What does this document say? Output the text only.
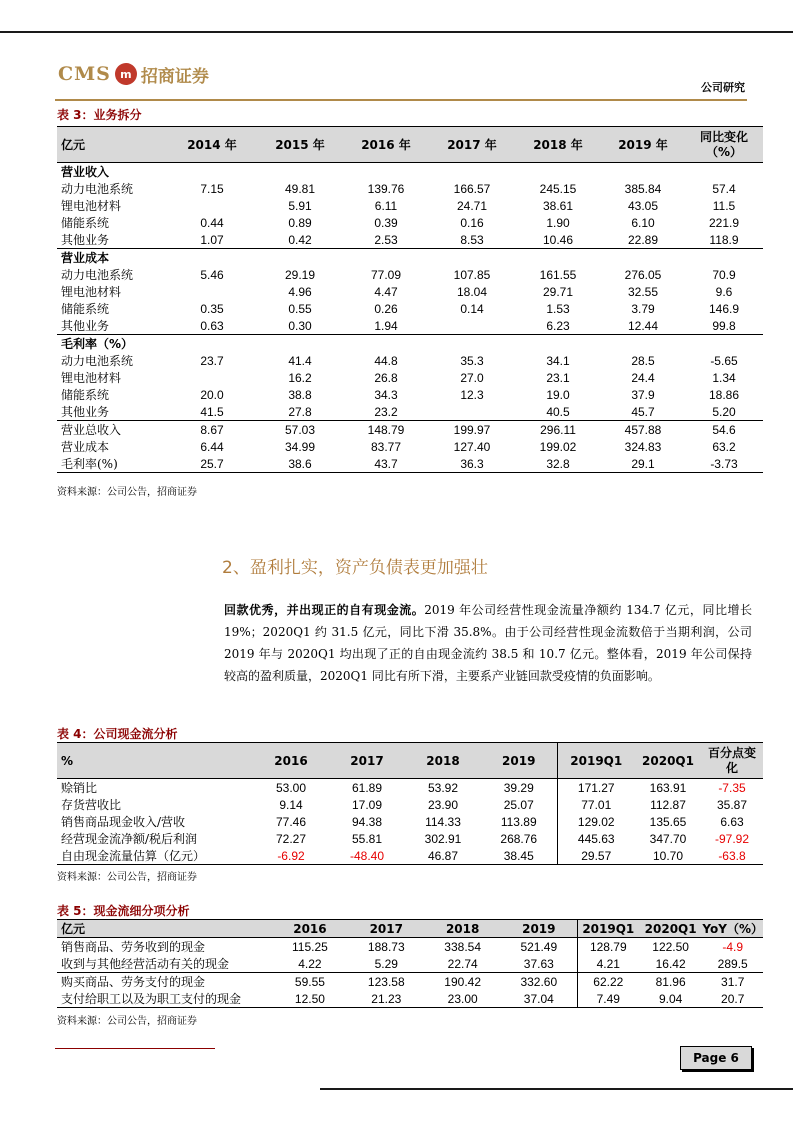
CMS m 招商证券
公司研究
表 3：业务拆分
亿元	2014 年	2015 年	2016 年	2017 年	2018 年	2019 年	同比变化
（%）
营业收入							
动力电池系统	7.15	49.81	139.76	166.57	245.15	385.84	57.4
锂电池材料		5.91	6.11	24.71	38.61	43.05	11.5
储能系统	0.44	0.89	0.39	0.16	1.90	6.10	221.9
其他业务	1.07	0.42	2.53	8.53	10.46	22.89	118.9
营业成本							
动力电池系统	5.46	29.19	77.09	107.85	161.55	276.05	70.9
锂电池材料		4.96	4.47	18.04	29.71	32.55	9.6
储能系统	0.35	0.55	0.26	0.14	1.53	3.79	146.9
其他业务	0.63	0.30	1.94		6.23	12.44	99.8
毛利率（%）							
动力电池系统	23.7	41.4	44.8	35.3	34.1	28.5	-5.65
锂电池材料		16.2	26.8	27.0	23.1	24.4	1.34
储能系统	20.0	38.8	34.3	12.3	19.0	37.9	18.86
其他业务	41.5	27.8	23.2		40.5	45.7	5.20
营业总收入	8.67	57.03	148.79	199.97	296.11	457.88	54.6
营业成本	6.44	34.99	83.77	127.40	199.02	324.83	63.2
毛利率(%)	25.7	38.6	43.7	36.3	32.8	29.1	-3.73
资料来源：公司公告，招商证券
2、盈利扎实，资产负债表更加强壮
回款优秀，并出现正的自有现金流。2019 年公司经营性现金流量净额约 134.7 亿元，同比增长 19%；2020Q1 约 31.5 亿元，同比下滑 35.8%。由于公司经营性现金流数倍于当期利润，公司 2019 年与 2020Q1 均出现了正的自由现金流约 38.5 和 10.7 亿元。整体看，2019 年公司保持较高的盈利质量，2020Q1 同比有所下滑，主要系产业链回款受疫情的负面影响。
表 4：公司现金流分析
%	2016	2017	2018	2019	2019Q1	2020Q1	百分点变
化
赊销比	53.00	61.89	53.92	39.29	171.27	163.91	-7.35
存货营收比	9.14	17.09	23.90	25.07	77.01	112.87	35.87
销售商品现金收入/营收	77.46	94.38	114.33	113.89	129.02	135.65	6.63
经营现金流净额/税后利润	72.27	55.81	302.91	268.76	445.63	347.70	-97.92
自由现金流量估算（亿元）	-6.92	-48.40	46.87	38.45	29.57	10.70	-63.8
资料来源：公司公告，招商证券
表 5：现金流细分项分析
亿元	2016	2017	2018	2019	2019Q1	2020Q1	YoY（%）
销售商品、劳务收到的现金	115.25	188.73	338.54	521.49	128.79	122.50	-4.9
收到与其他经营活动有关的现金	4.22	5.29	22.74	37.63	4.21	16.42	289.5
购买商品、劳务支付的现金	59.55	123.58	190.42	332.60	62.22	81.96	31.7
支付给职工以及为职工支付的现金	12.50	21.23	23.00	37.04	7.49	9.04	20.7
资料来源：公司公告，招商证券
Page 6
